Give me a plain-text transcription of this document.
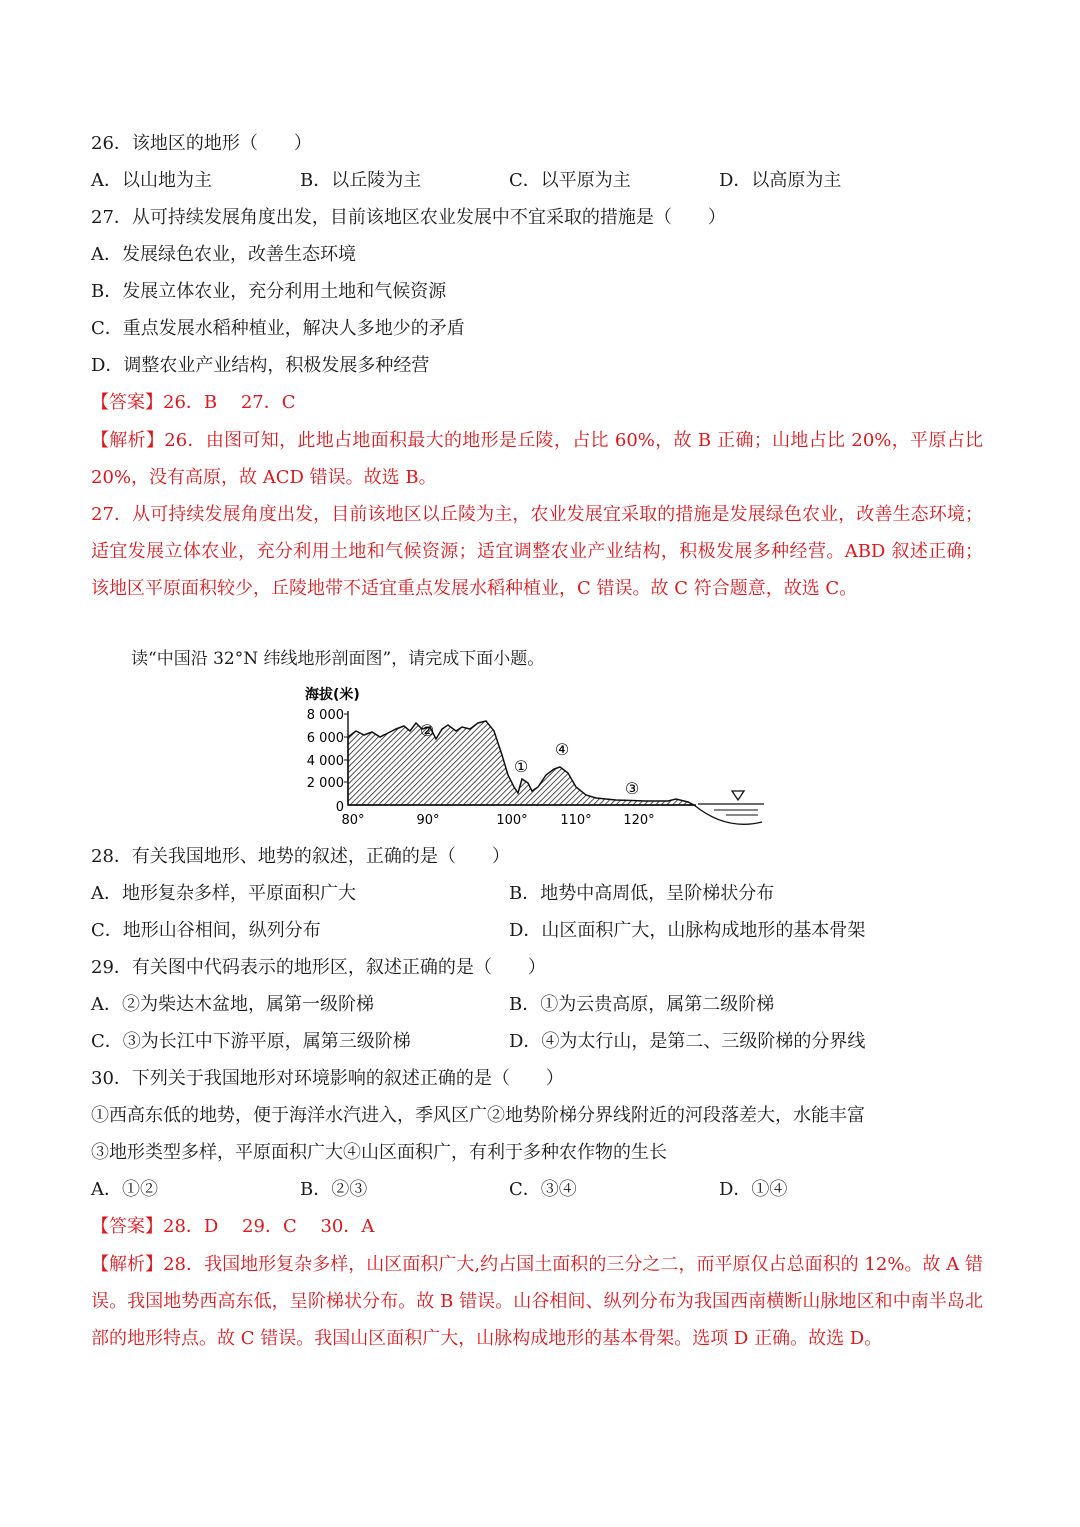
26．该地区的地形（　　）
A．以山地为主	B．以丘陵为主	C．以平原为主	D．以高原为主
27．从可持续发展角度出发，目前该地区农业发展中不宜采取的措施是（　　）
A．发展绿色农业，改善生态环境
B．发展立体农业，充分利用土地和气候资源
C．重点发展水稻种植业，解决人多地少的矛盾
D．调整农业产业结构，积极发展多种经营
【答案】26．B　 27．C
【解析】26．由图可知，此地占地面积最大的地形是丘陵，占比 60%，故 B 正确；山地占比 20%，平原占比 20%，没有高原，故 ACD 错误。故选 B。
27．从可持续发展角度出发，目前该地区以丘陵为主，农业发展宜采取的措施是发展绿色农业，改善生态环境；适宜发展立体农业，充分利用土地和气候资源；适宜调整农业产业结构，积极发展多种经营。ABD 叙述正确；该地区平原面积较少，丘陵地带不适宜重点发展水稻种植业，C 错误。故 C 符合题意，故选 C。
读“中国沿 32°N 纬线地形剖面图”，请完成下面小题。
海拔(米)
8 000
6 000
4 000
2 000
0
①
②
③
④
80°	90°	100°	110° 120°
28．有关我国地形、地势的叙述，正确的是（　　）
A．地形复杂多样，平原面积广大	B．地势中高周低，呈阶梯状分布
C．地形山谷相间，纵列分布	D．山区面积广大，山脉构成地形的基本骨架
29．有关图中代码表示的地形区，叙述正确的是（　　）
A．②为柴达木盆地，属第一级阶梯	B．①为云贵高原，属第二级阶梯
C．③为长江中下游平原，属第三级阶梯	D．④为太行山，是第二、三级阶梯的分界线
30．下列关于我国地形对环境影响的叙述正确的是（　　）
①西高东低的地势，便于海洋水汽进入，季风区广②地势阶梯分界线附近的河段落差大，水能丰富
③地形类型多样，平原面积广大④山区面积广，有利于多种农作物的生长
A．①②	B．②③	C．③④	D．①④
【答案】28．D　 29．C　 30．A
【解析】28．我国地形复杂多样，山区面积广大,约占国土面积的三分之二，而平原仅占总面积的 12%。故 A 错误。我国地势西高东低，呈阶梯状分布。故 B 错误。山谷相间、纵列分布为我国西南横断山脉地区和中南半岛北部的地形特点。故 C 错误。我国山区面积广大，山脉构成地形的基本骨架。选项 D 正确。故选 D。
